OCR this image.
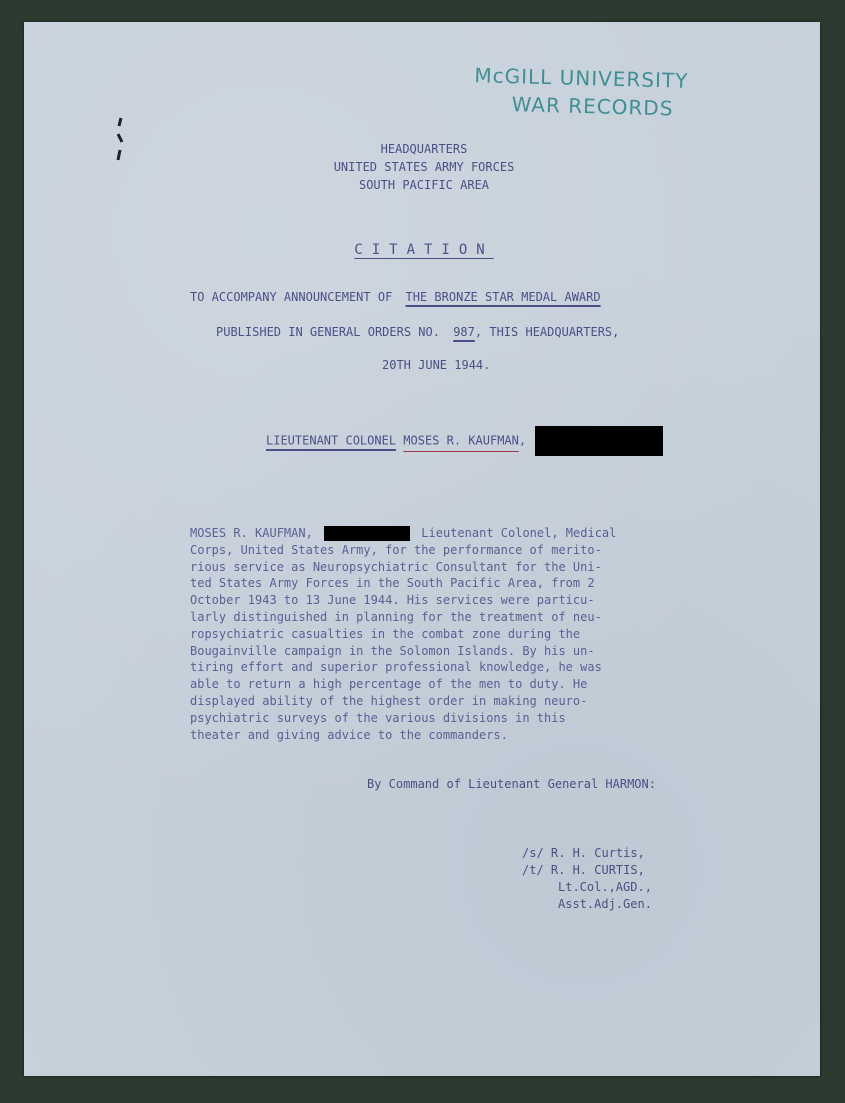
McGILL UNIVERSITY
WAR RECORDS
HEADQUARTERS
UNITED STATES ARMY FORCES
SOUTH PACIFIC AREA
CITATION
TO ACCOMPANY ANNOUNCEMENT OF THE BRONZE STAR MEDAL AWARD
PUBLISHED IN GENERAL ORDERS NO. 987, THIS HEADQUARTERS,
20TH JUNE 1944.
LIEUTENANT COLONEL MOSES R. KAUFMAN,
MOSES R. KAUFMAN,	Lieutenant Colonel, Medical
Corps, United States Army, for the performance of merito-
rious service as Neuropsychiatric Consultant for the Uni-
ted States Army Forces in the South Pacific Area, from 2
October 1943 to 13 June 1944. His services were particu-
larly distinguished in planning for the treatment of neu-
ropsychiatric casualties in the combat zone during the
Bougainville campaign in the Solomon Islands. By his un-
tiring effort and superior professional knowledge, he was
able to return a high percentage of the men to duty. He
displayed ability of the highest order in making neuro-
psychiatric surveys of the various divisions in this
theater and giving advice to the commanders.
By Command of Lieutenant General HARMON:
/s/ R. H. Curtis,
/t/ R. H. CURTIS,
Lt.Col.,AGD.,
Asst.Adj.Gen.
